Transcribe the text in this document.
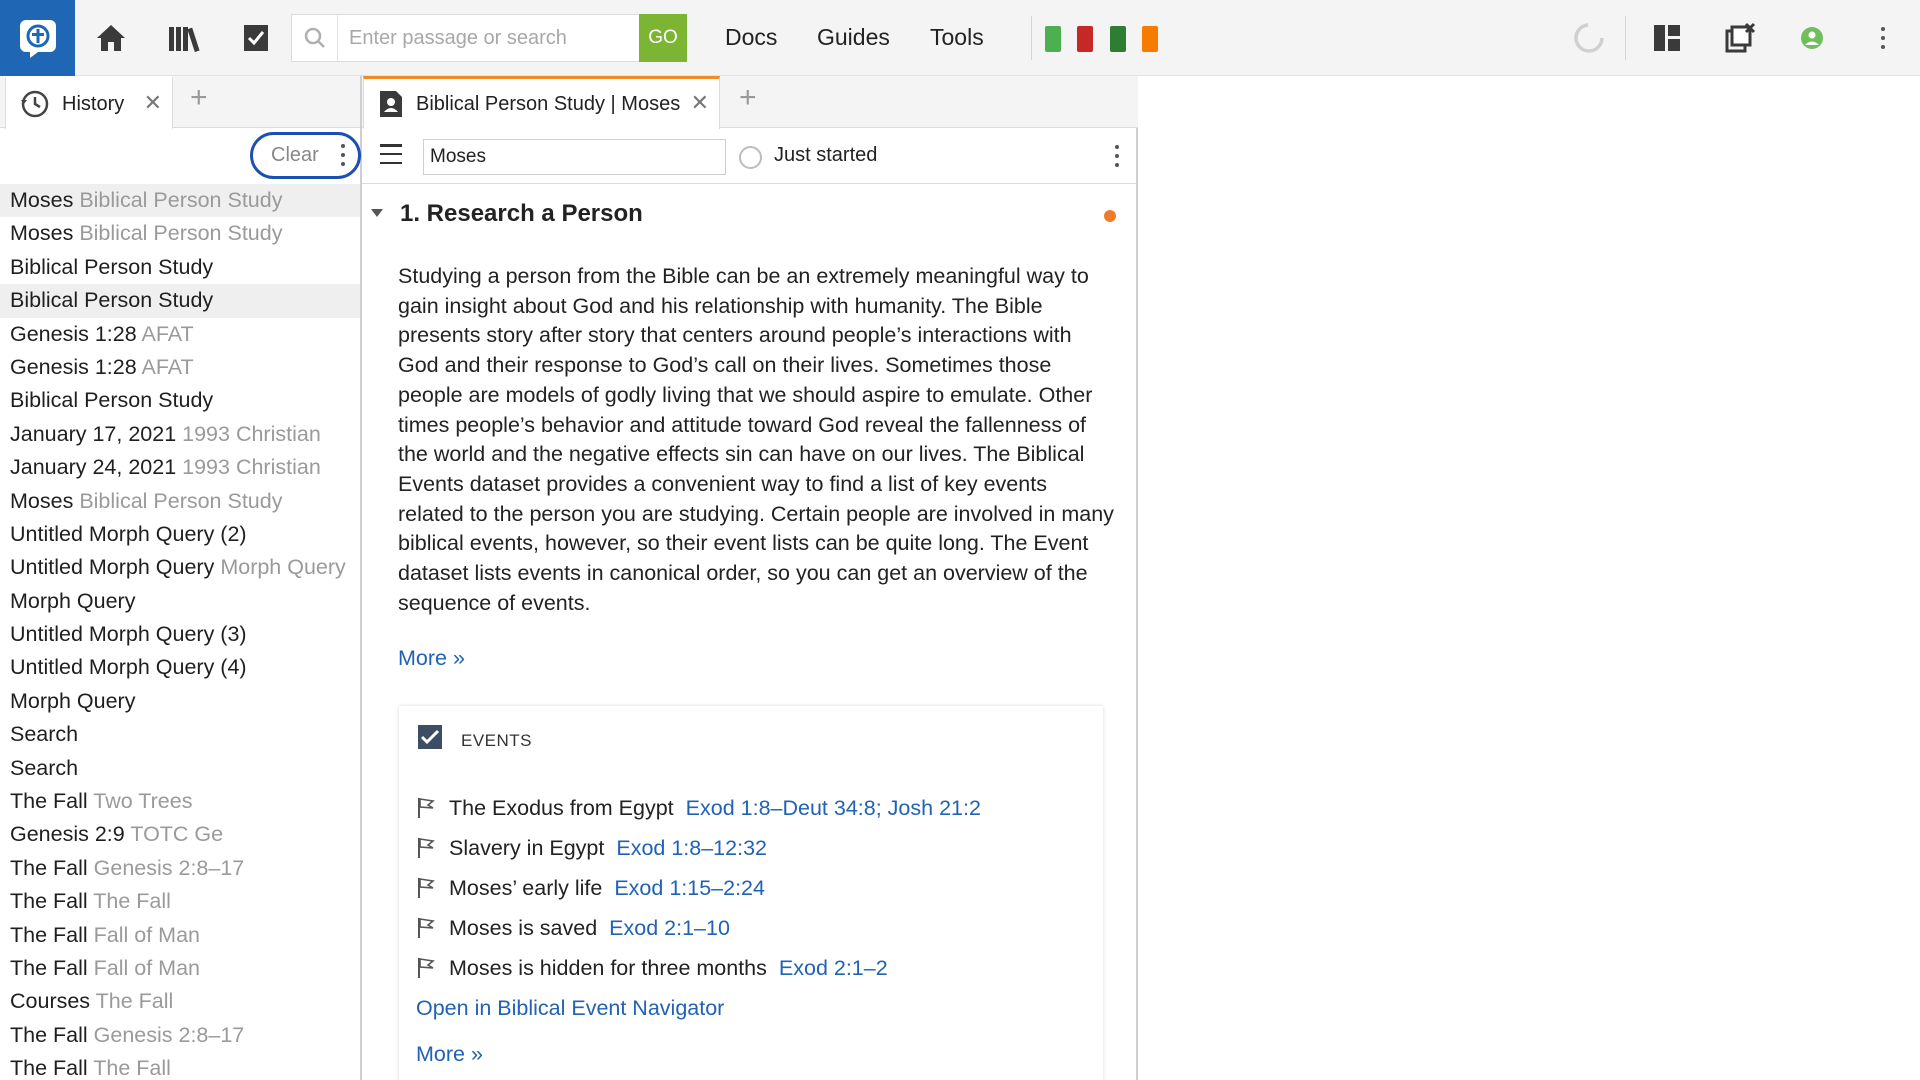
Enter passage or search
GO	Docs Guides Tools
History ✕ +
Clear
Moses Biblical Person Study
Moses Biblical Person Study
Biblical Person Study
Biblical Person Study
Genesis 1:28 AFAT
Genesis 1:28 AFAT
Biblical Person Study
January 17, 2021 1993 Christian
January 24, 2021 1993 Christian
Moses Biblical Person Study
Untitled Morph Query (2)
Untitled Morph Query Morph Query
Morph Query
Untitled Morph Query (3)
Untitled Morph Query (4)
Morph Query
Search
Search
The Fall Two Trees
Genesis 2:9 TOTC Ge
The Fall Genesis 2:8–17
The Fall The Fall
The Fall Fall of Man
The Fall Fall of Man
Courses The Fall
The Fall Genesis 2:8–17
The Fall The Fall
Biblical Person Study | Moses ✕ +
Moses
Just started
1. Research a Person

Studying a person from the Bible can be an extremely meaningful way to gain insight about God and his relationship with humanity. The Bible presents story after story that centers around people’s interactions with God and their response to God’s call on their lives. Sometimes those people are models of godly living that we should aspire to emulate. Other times people’s behavior and attitude toward God reveal the fallenness of the world and the negative effects sin can have on our lives. The Biblical Events dataset provides a convenient way to find a list of key events related to the person you are studying. Certain people are involved in many biblical events, however, so their event lists can be quite long. The Event dataset lists events in canonical order, so you can get an overview of the sequence of events.

More »
EVENTS
The Exodus from Egypt Exod 1:8–Deut 34:8; Josh 21:2
Slavery in Egypt Exod 1:8–12:32
Moses’ early life Exod 1:15–2:24
Moses is saved Exod 2:1–10
Moses is hidden for three months Exod 2:1–2
Open in Biblical Event Navigator
More »
